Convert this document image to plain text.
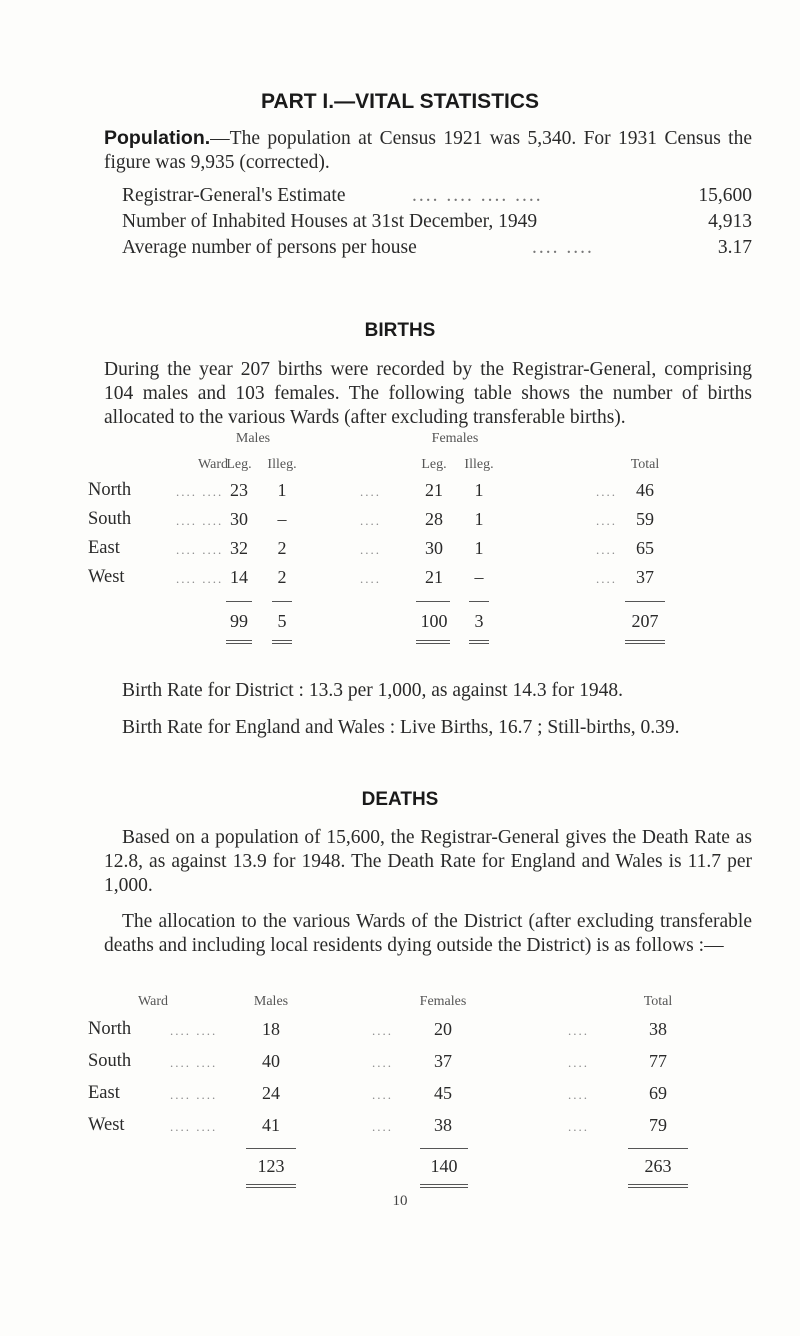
PART I.—VITAL STATISTICS
Population.—The population at Census 1921 was 5,340. For 1931 Census the figure was 9,935 (corrected).
Registrar-General's Estimate	.... .... .... ....	15,600
Number of Inhabited Houses at 31st December, 1949	4,913
Average number of persons per house	.... ....	3.17
BIRTHS
During the year 207 births were recorded by the Registrar-General, comprising 104 males and 103 females. The following table shows the number of births allocated to the various Wards (after excluding transferable births).
Males	Females
Ward
Leg.	Illeg.	Leg.	Illeg.	Total
North	.... .... 23	1	....	21	1	....	46
South	.... .... 30	–	....	28	1	....	59
East	.... .... 32	2	....	30	1	....	65
West	.... .... 14	2	....	21	–	....	37
99	5	100	3	207
Birth Rate for District : 13.3 per 1,000, as against 14.3 for 1948.
Birth Rate for England and Wales : Live Births, 16.7 ; Still-births, 0.39.
DEATHS
Based on a population of 15,600, the Registrar-General gives the Death Rate as 12.8, as against 13.9 for 1948. The Death Rate for England and Wales is 11.7 per 1,000.
The allocation to the various Wards of the District (after excluding transferable deaths and including local residents dying outside the District) is as follows :—
Ward	Males	Females	Total
North	.... ....	18	....	20	....	38
South	.... ....	40	....	37	....	77
East	.... ....	24	....	45	....	69
West	.... ....	41	....	38	....	79
123	140	263
10
